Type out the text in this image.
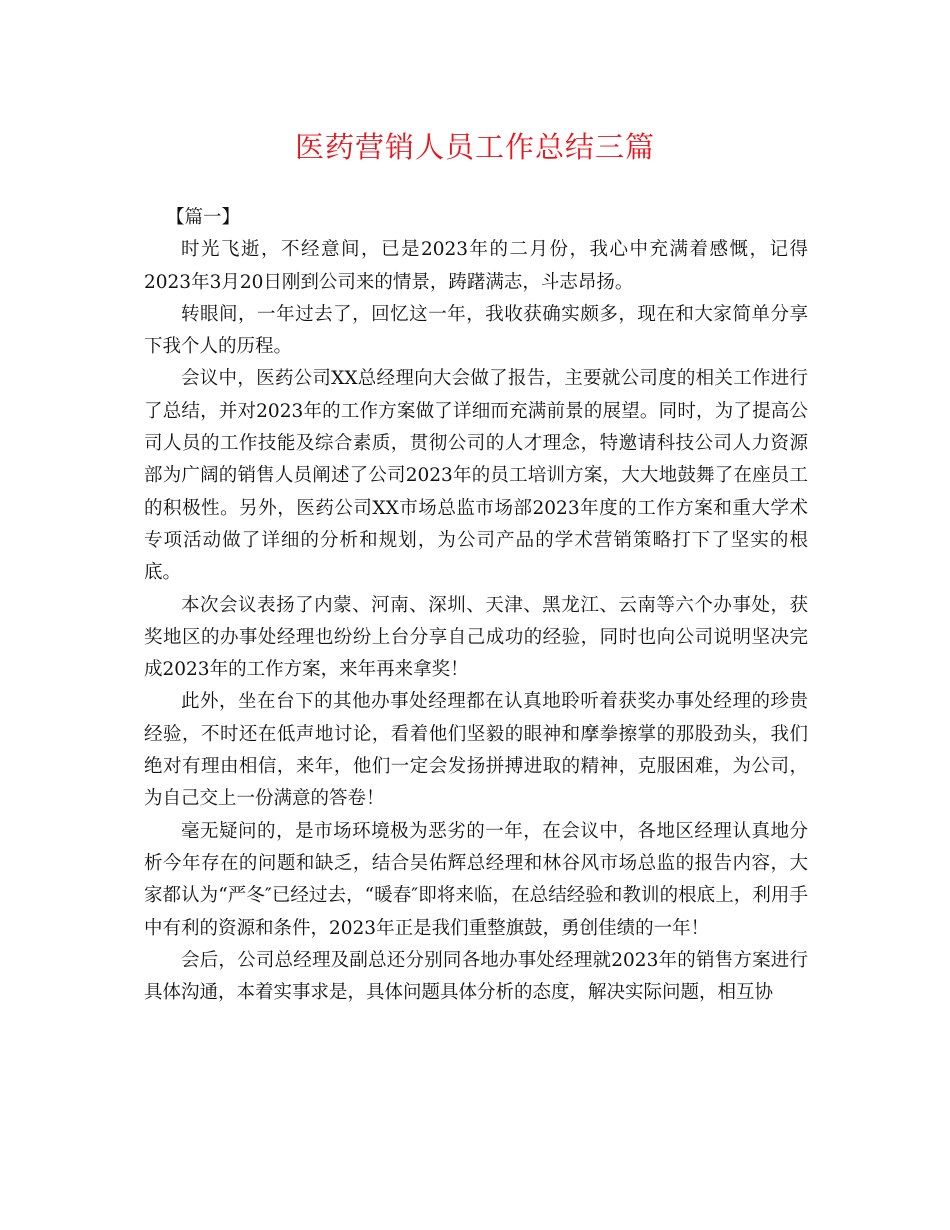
医药营销人员工作总结三篇

【篇一】

时光飞逝，不经意间，已是2023年的二月份，我心中充满着感慨，记得2023年3月20日刚到公司来的情景，踌躇满志，斗志昂扬。

转眼间，一年过去了，回忆这一年，我收获确实颇多，现在和大家简单分享下我个人的历程。

会议中，医药公司XX总经理向大会做了报告，主要就公司度的相关工作进行了总结，并对2023年的工作方案做了详细而充满前景的展望。同时，为了提高公司人员的工作技能及综合素质，贯彻公司的人才理念，特邀请科技公司人力资源部为广阔的销售人员阐述了公司2023年的员工培训方案，大大地鼓舞了在座员工的积极性。另外，医药公司XX市场总监市场部2023年度的工作方案和重大学术专项活动做了详细的分析和规划，为公司产品的学术营销策略打下了坚实的根底。

本次会议表扬了内蒙、河南、深圳、天津、黑龙江、云南等六个办事处，获奖地区的办事处经理也纷纷上台分享自己成功的经验，同时也向公司说明坚决完成2023年的工作方案，来年再来拿奖！

此外，坐在台下的其他办事处经理都在认真地聆听着获奖办事处经理的珍贵经验，不时还在低声地讨论，看着他们坚毅的眼神和摩拳擦掌的那股劲头，我们绝对有理由相信，来年，他们一定会发扬拼搏进取的精神，克服困难，为公司，为自己交上一份满意的答卷！

毫无疑问的，是市场环境极为恶劣的一年，在会议中，各地区经理认真地分析今年存在的问题和缺乏，结合吴佑辉总经理和林谷风市场总监的报告内容，大家都认为“严冬″已经过去，“暖春″即将来临，在总结经验和教训的根底上，利用手中有利的资源和条件，2023年正是我们重整旗鼓，勇创佳绩的一年！

会后，公司总经理及副总还分别同各地办事处经理就2023年的销售方案进行具体沟通，本着实事求是，具体问题具体分析的态度，解决实际问题，相互协
